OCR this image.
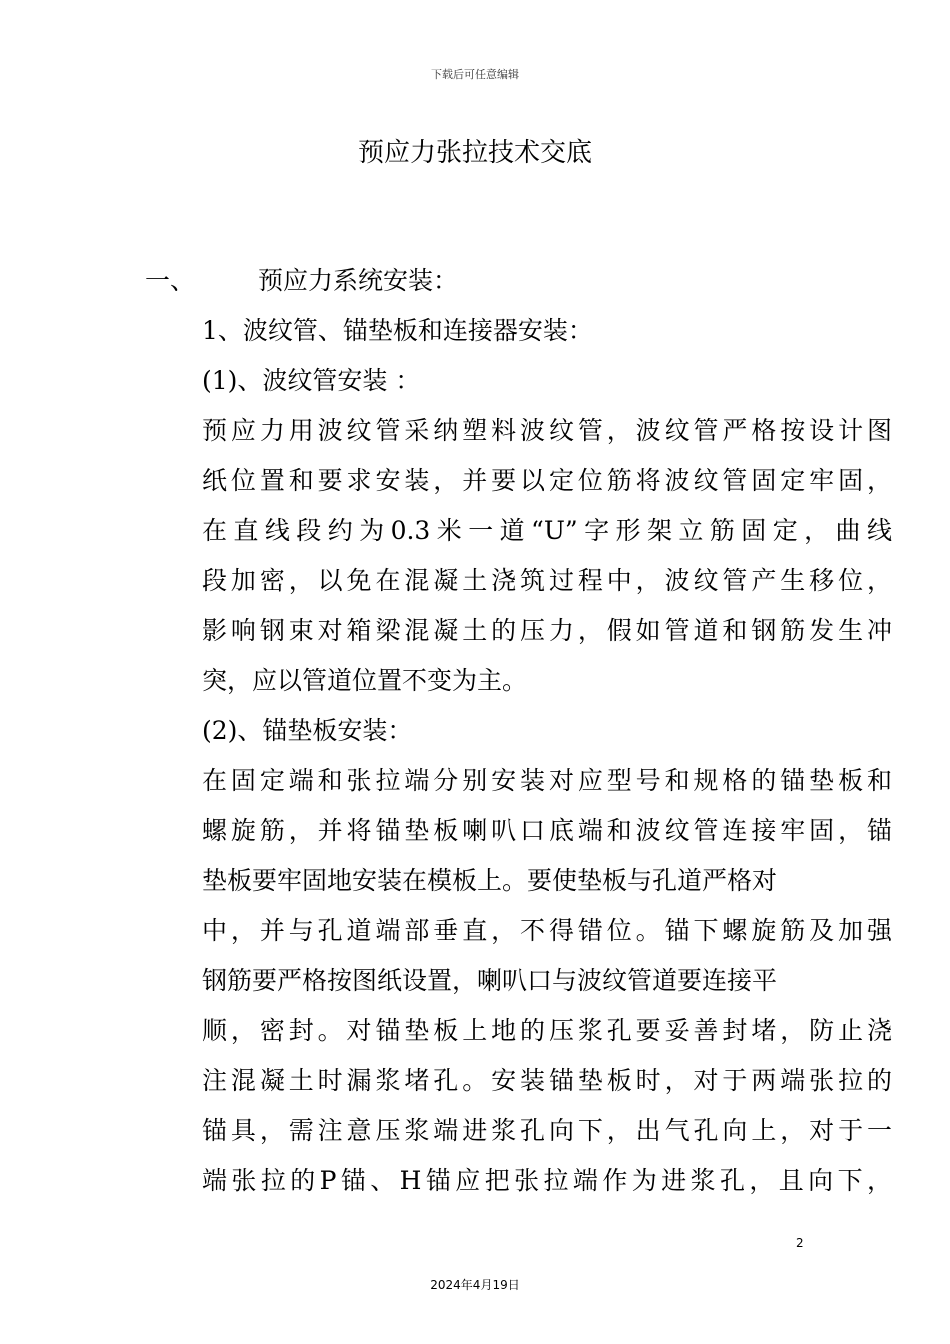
下载后可任意编辑
预应力张拉技术交底
一、	预应力系统安装：
1、波纹管、锚垫板和连接器安装：
(1)、波纹管安装 ：
预应力用波纹管采纳塑料波纹管，波纹管严格按设计图
纸位置和要求安装，并要以定位筋将波纹管固定牢固，
在直线段约为0.3米一道“U”字形架立筋固定，曲线
段加密，以免在混凝土浇筑过程中，波纹管产生移位，
影响钢束对箱梁混凝土的压力，假如管道和钢筋发生冲
突，应以管道位置不变为主。
(2)、锚垫板安装：
在固定端和张拉端分别安装对应型号和规格的锚垫板和
螺旋筋，并将锚垫板喇叭口底端和波纹管连接牢固，锚
垫板要牢固地安装在模板上。要使垫板与孔道严格对
中，并与孔道端部垂直，不得错位。锚下螺旋筋及加强
钢筋要严格按图纸设置，喇叭口与波纹管道要连接平
顺，密封。对锚垫板上地的压浆孔要妥善封堵，防止浇
注混凝土时漏浆堵孔。安装锚垫板时，对于两端张拉的
锚具，需注意压浆端进浆孔向下，出气孔向上，对于一
端张拉的P锚、H锚应把张拉端作为进浆孔，且向下，
2
2024年4月19日
